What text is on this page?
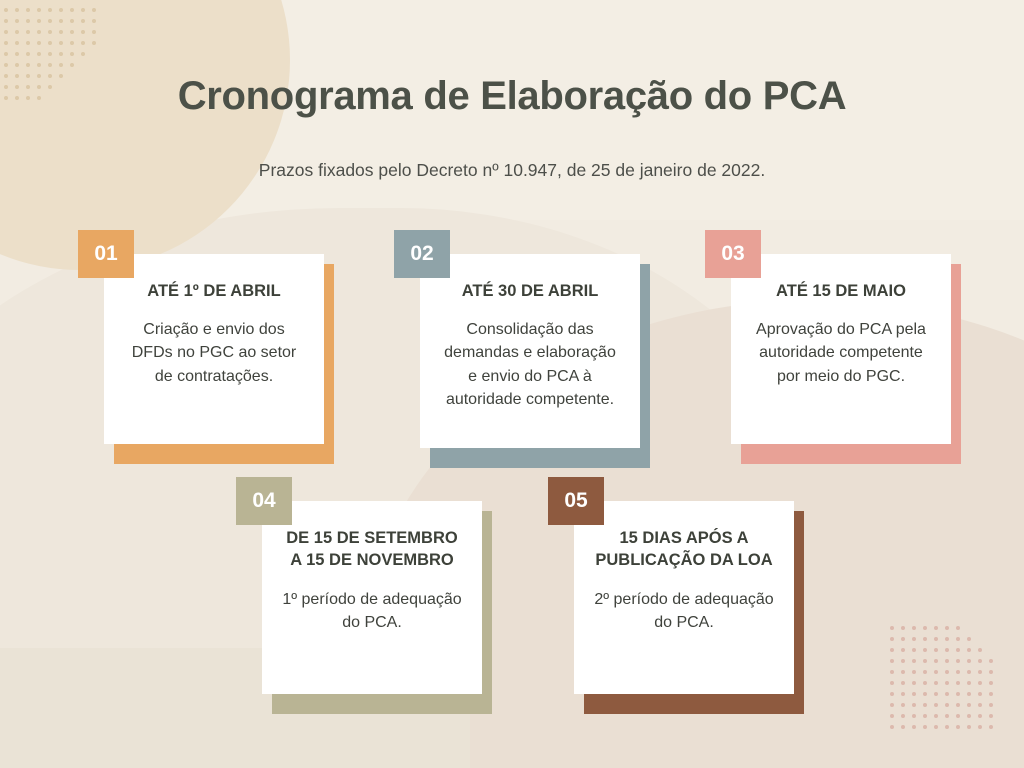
Cronograma de Elaboração do PCA
Prazos fixados pelo Decreto nº 10.947, de 25 de janeiro de 2022.
ATÉ 1º DE ABRIL
Criação e envio dos DFDs no PGC ao setor de contratações.
01
ATÉ 30 DE ABRIL
Consolidação das demandas e elaboração e envio do PCA à autoridade competente.
02
ATÉ 15 DE MAIO
Aprovação do PCA pela autoridade competente por meio do PGC.
03
DE 15 DE SETEMBRO A 15 DE NOVEMBRO
1º período de adequação do PCA.
04
15 DIAS APÓS A PUBLICAÇÃO DA LOA
2º período de adequação do PCA.
05
